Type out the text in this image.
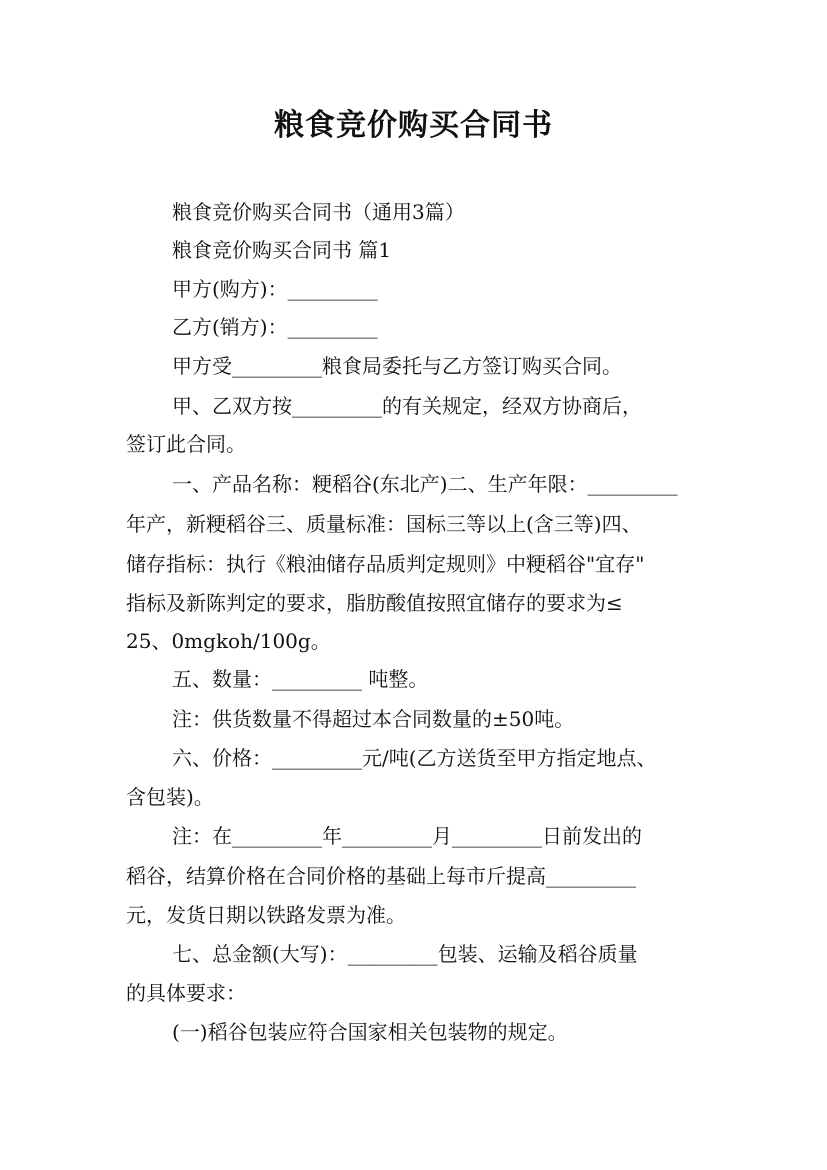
粮食竞价购买合同书
粮食竞价购买合同书（通用3篇）
粮食竞价购买合同书 篇1
甲方(购方)：_________
乙方(销方)：_________
甲方受_________粮食局委托与乙方签订购买合同。
甲、乙双方按_________的有关规定，经双方协商后，
签订此合同。
一、产品名称：粳稻谷(东北产)二、生产年限：_________
年产，新粳稻谷三、质量标准：国标三等以上(含三等)四、
储存指标：执行《粮油储存品质判定规则》中粳稻谷"宜存"
指标及新陈判定的要求，脂肪酸值按照宜储存的要求为≤
25、0mgkoh/100g。
五、数量：_________ 吨整。
注：供货数量不得超过本合同数量的±50吨。
六、价格：_________元/吨(乙方送货至甲方指定地点、
含包装)。
注：在_________年_________月_________日前发出的
稻谷，结算价格在合同价格的基础上每市斤提高_________
元，发货日期以铁路发票为准。
七、总金额(大写)：_________包装、运输及稻谷质量
的具体要求：
(一)稻谷包装应符合国家相关包装物的规定。
